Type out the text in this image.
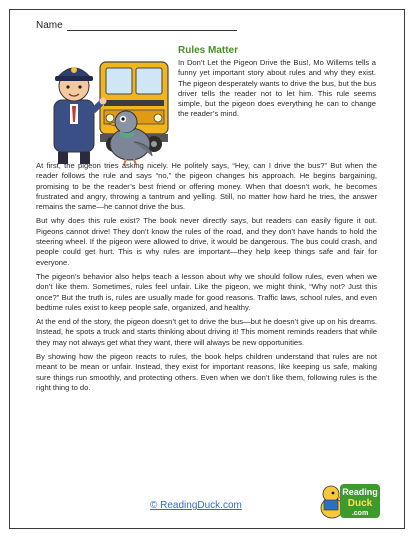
Name
Rules Matter

In Don’t Let the Pigeon Drive the Bus!, Mo Willems tells a funny yet important story about rules and why they exist. The pigeon desperately wants to drive the bus, but the bus driver tells the reader not to let him. This rule seems simple, but the pigeon does everything he can to change the reader’s mind.

At first, the pigeon tries asking nicely. He politely says, “Hey, can I drive the bus?” But when the reader follows the rule and says “no,” the pigeon changes his approach. He begins bargaining, promising to be the reader’s best friend or offering money. When that doesn’t work, he becomes frustrated and angry, throwing a tantrum and yelling. Still, no matter how hard he tries, the answer remains the same—he cannot drive the bus.

But why does this rule exist? The book never directly says, but readers can easily figure it out. Pigeons cannot drive! They don’t know the rules of the road, and they don’t have hands to hold the steering wheel. If the pigeon were allowed to drive, it would be dangerous. The bus could crash, and people could get hurt. This is why rules are important—they help keep things safe and fair for everyone.

The pigeon’s behavior also helps teach a lesson about why we should follow rules, even when we don’t like them. Sometimes, rules feel unfair. Like the pigeon, we might think, “Why not? Just this once?” But the truth is, rules are usually made for good reasons. Traffic laws, school rules, and even bedtime rules exist to keep people safe, organized, and healthy.

At the end of the story, the pigeon doesn’t get to drive the bus—but he doesn’t give up on his dreams. Instead, he spots a truck and starts thinking about driving it! This moment reminds readers that while they may not always get what they want, there will always be new opportunities.

By showing how the pigeon reacts to rules, the book helps children understand that rules are not meant to be mean or unfair. Instead, they exist for important reasons, like keeping us safe, making sure things run smoothly, and protecting others. Even when we don’t like them, following rules is the right thing to do.

© ReadingDuck.com
Reading
Duck
.com
